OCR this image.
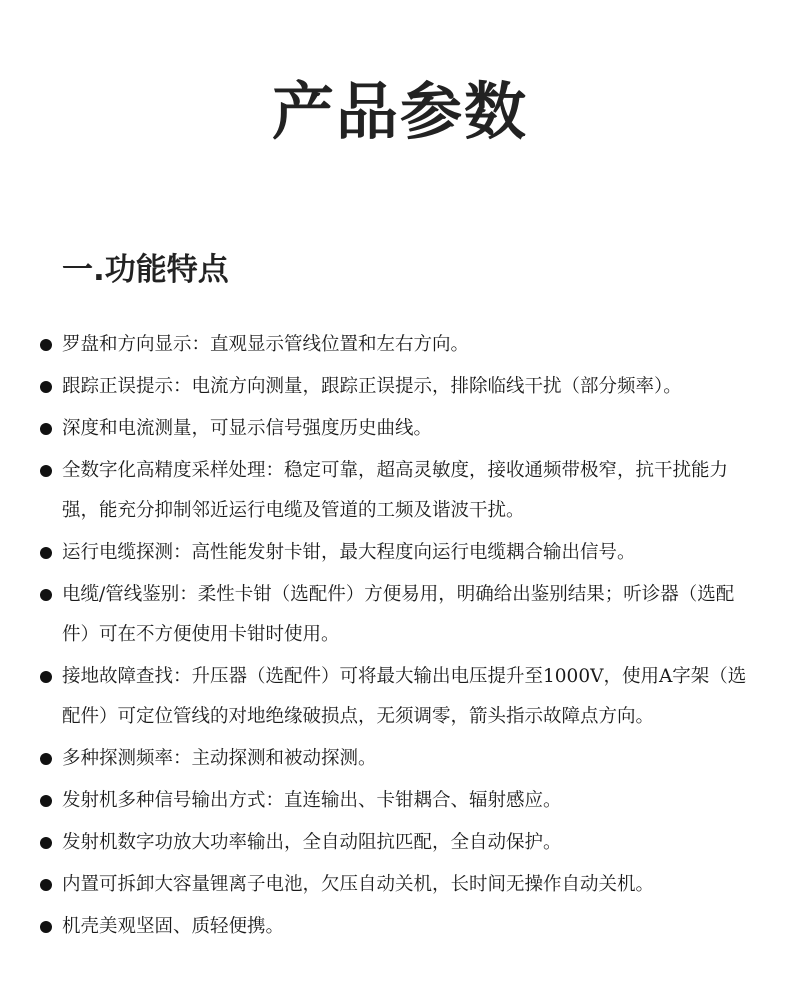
产品参数
一.功能特点
罗盘和方向显示：直观显示管线位置和左右方向。
跟踪正误提示：电流方向测量，跟踪正误提示，排除临线干扰（部分频率）。
深度和电流测量，可显示信号强度历史曲线。
全数字化高精度采样处理：稳定可靠，超高灵敏度，接收通频带极窄，抗干扰能力强，能充分抑制邻近运行电缆及管道的工频及谐波干扰。
运行电缆探测：高性能发射卡钳，最大程度向运行电缆耦合输出信号。
电缆/管线鉴别：柔性卡钳（选配件）方便易用，明确给出鉴别结果；听诊器（选配件）可在不方便使用卡钳时使用。
接地故障查找：升压器（选配件）可将最大输出电压提升至1000V，使用A字架（选配件）可定位管线的对地绝缘破损点，无须调零，箭头指示故障点方向。
多种探测频率：主动探测和被动探测。
发射机多种信号输出方式：直连输出、卡钳耦合、辐射感应。
发射机数字功放大功率输出，全自动阻抗匹配，全自动保护。
内置可拆卸大容量锂离子电池，欠压自动关机，长时间无操作自动关机。
机壳美观坚固、质轻便携。
